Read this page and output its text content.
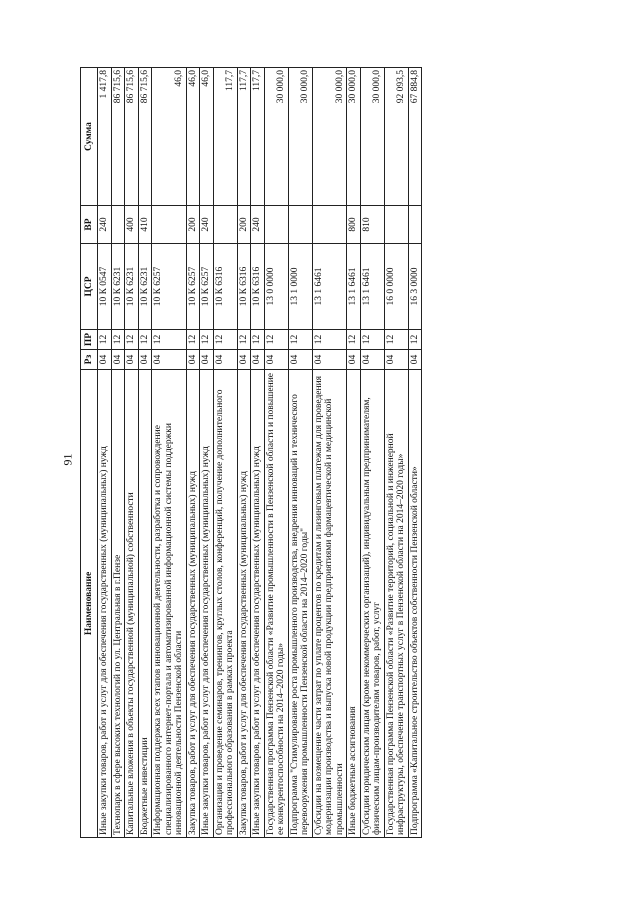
91
Наименование	Рз	ПР	ЦСР	ВР	Сумма
Иные закупки товаров, работ и услуг для обеспечения государственных (муниципальных) нужд	04	12	10 К 0547	240	1 417,8
Технопарк в сфере высоких технологий по ул. Центральная в г.Пензе	04	12	10 К 6231		86 715,6
Капитальные вложения в объекты государственной (муниципальной) собственности	04	12	10 К 6231	400	86 715,6
Бюджетные инвестиции	04	12	10 К 6231	410	86 715,6
Информационная поддержка всех этапов инновационной деятельности, разработка и сопровождение специализированного интернет-портала и автоматизированной информационной системы поддержки инновационной деятельности Пензенской области	04	12	10 К 6257		46,0
Закупка товаров, работ и услуг для обеспечения государственных (муниципальных) нужд	04	12	10 К 6257	200	46,0
Иные закупки товаров, работ и услуг для обеспечения государственных (муниципальных) нужд	04	12	10 К 6257	240	46,0
Организация и проведение семинаров, тренингов, круглых столов, конференций, получение дополнительного профессионального образования в рамках проекта	04	12	10 К 6316		117,7
Закупка товаров, работ и услуг для обеспечения государственных (муниципальных) нужд	04	12	10 К 6316	200	117,7
Иные закупки товаров, работ и услуг для обеспечения государственных (муниципальных) нужд	04	12	10 К 6316	240	117,7
Государственная программа Пензенской области «Развитие промышленности в Пензенской области и повышение ее конкурентоспособности на 2014–2020 годы»	04	12	13 0 0000		30 000,0
Подпрограмма "Стимулирование роста промышленного производства, внедрения инноваций и технического перевооружения промышленности Пензенской области на 2014–2020 годы"	04	12	13 1 0000		30 000,0
Субсидии на возмещение части затрат по уплате процентов по кредитам и лизинговым платежам для проведения модернизации производства и выпуска новой продукции предприятиями фармацевтической и медицинской промышленности	04	12	13 1 6461		30 000,0
Иные бюджетные ассигнования	04	12	13 1 6461	800	30 000,0
Субсидии юридическим лицам (кроме некоммерческих организаций), индивидуальным предпринимателям, физическим лицам-производителям товаров, работ, услуг	04	12	13 1 6461	810	30 000,0
Государственная программа Пензенской области «Развитие территорий, социальной и инженерной инфраструктуры, обеспечение транспортных услуг в Пензенской области на 2014–2020 годы»	04	12	16 0 0000		92 093,5
Подпрограмма «Капитальное строительство объектов собственности Пензенской области»	04	12	16 3 0000		67 884,8
